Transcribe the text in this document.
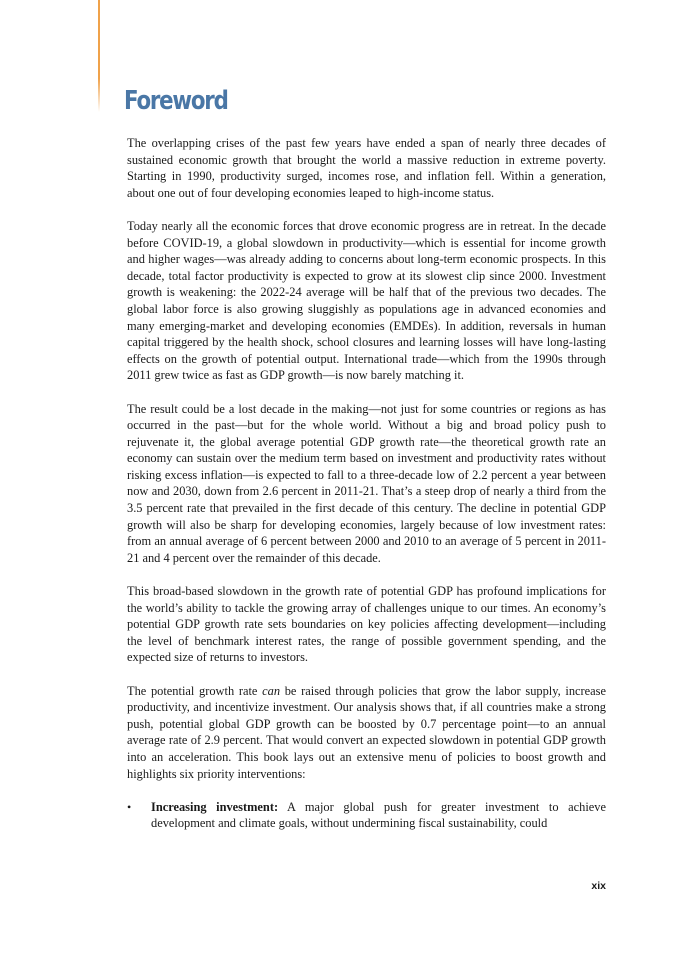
Foreword

The overlapping crises of the past few years have ended a span of nearly three decades of sustained economic growth that brought the world a massive reduction in extreme poverty. Starting in 1990, productivity surged, incomes rose, and inflation fell. Within a generation, about one out of four developing economies leaped to high-income status.

Today nearly all the economic forces that drove economic progress are in retreat. In the decade before COVID-19, a global slowdown in productivity—which is essential for income growth and higher wages—was already adding to concerns about long-term economic prospects. In this decade, total factor productivity is expected to grow at its slowest clip since 2000. Investment growth is weakening: the 2022-24 average will be half that of the previous two decades. The global labor force is also growing sluggishly as populations age in advanced economies and many emerging-market and developing economies (EMDEs). In addition, reversals in human capital triggered by the health shock, school closures and learning losses will have long-lasting effects on the growth of potential output. International trade—which from the 1990s through 2011 grew twice as fast as GDP growth—is now barely matching it.

The result could be a lost decade in the making—not just for some countries or regions as has occurred in the past—but for the whole world. Without a big and broad policy push to rejuvenate it, the global average potential GDP growth rate—the theoretical growth rate an economy can sustain over the medium term based on investment and productivity rates without risking excess inflation—is expected to fall to a three-decade low of 2.2 percent a year between now and 2030, down from 2.6 percent in 2011-21. That’s a steep drop of nearly a third from the 3.5 percent rate that prevailed in the first decade of this century. The decline in potential GDP growth will also be sharp for developing economies, largely because of low investment rates: from an annual average of 6 percent between 2000 and 2010 to an average of 5 percent in 2011-21 and 4 percent over the remainder of this decade.

This broad-based slowdown in the growth rate of potential GDP has profound implications for the world’s ability to tackle the growing array of challenges unique to our times. An economy’s potential GDP growth rate sets boundaries on key policies affecting development—including the level of benchmark interest rates, the range of possible government spending, and the expected size of returns to investors.

The potential growth rate can be raised through policies that grow the labor supply, increase productivity, and incentivize investment. Our analysis shows that, if all countries make a strong push, potential global GDP growth can be boosted by 0.7 percentage point—to an annual average rate of 2.9 percent. That would convert an expected slowdown in potential GDP growth into an acceleration. This book lays out an extensive menu of policies to boost growth and highlights six priority interventions:

• Increasing investment: A major global push for greater investment to achieve development and climate goals, without undermining fiscal sustainability, could
xix
